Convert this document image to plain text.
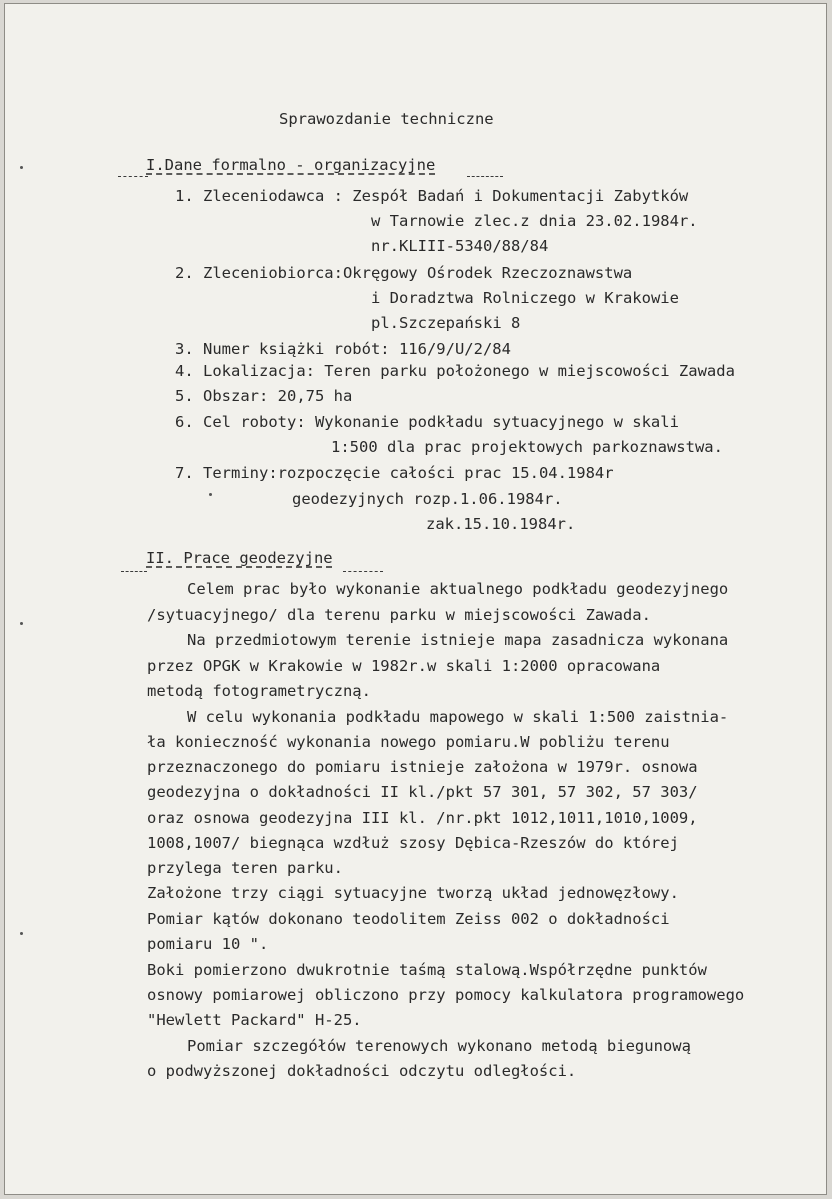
Sprawozdanie techniczne
I.Dane formalno - organizacyjne
1. Zleceniodawca : Zespół Badań i Dokumentacji Zabytków
w Tarnowie zlec.z dnia 23.02.1984r.
nr.KLIII-5340/88/84
2. Zleceniobiorca:Okręgowy Ośrodek Rzeczoznawstwa
i Doradztwa Rolniczego w Krakowie
pl.Szczepański 8
3. Numer książki robót: 116/9/U/2/84
4. Lokalizacja: Teren parku położonego w miejscowości Zawada
5. Obszar: 20,75 ha
6. Cel roboty: Wykonanie podkładu sytuacyjnego w skali
1:500 dla prac projektowych parkoznawstwa.
7. Terminy:rozpoczęcie całości prac 15.04.1984r
geodezyjnych rozp.1.06.1984r.
zak.15.10.1984r.
II. Prace geodezyjne
Celem prac było wykonanie aktualnego podkładu geodezyjnego
/sytuacyjnego/ dla terenu parku w miejscowości Zawada.
Na przedmiotowym terenie istnieje mapa zasadnicza wykonana
przez OPGK w Krakowie w 1982r.w skali 1:2000 opracowana
metodą fotogrametryczną.
W celu wykonania podkładu mapowego w skali 1:500 zaistnia-
ła konieczność wykonania nowego pomiaru.W pobliżu terenu
przeznaczonego do pomiaru istnieje założona w 1979r. osnowa
geodezyjna o dokładności II kl./pkt 57 301, 57 302, 57 303/
oraz osnowa geodezyjna III kl. /nr.pkt 1012,1011,1010,1009,
1008,1007/ biegnąca wzdłuż szosy Dębica-Rzeszów do której
przylega teren parku.
Założone trzy ciągi sytuacyjne tworzą układ jednowęzłowy.
Pomiar kątów dokonano teodolitem Zeiss 002 o dokładności
pomiaru 10 ".
Boki pomierzono dwukrotnie taśmą stalową.Współrzędne punktów
osnowy pomiarowej obliczono przy pomocy kalkulatora programowego
"Hewlett Packard" H-25.
Pomiar szczegółów terenowych wykonano metodą biegunową
o podwyższonej dokładności odczytu odległości.
